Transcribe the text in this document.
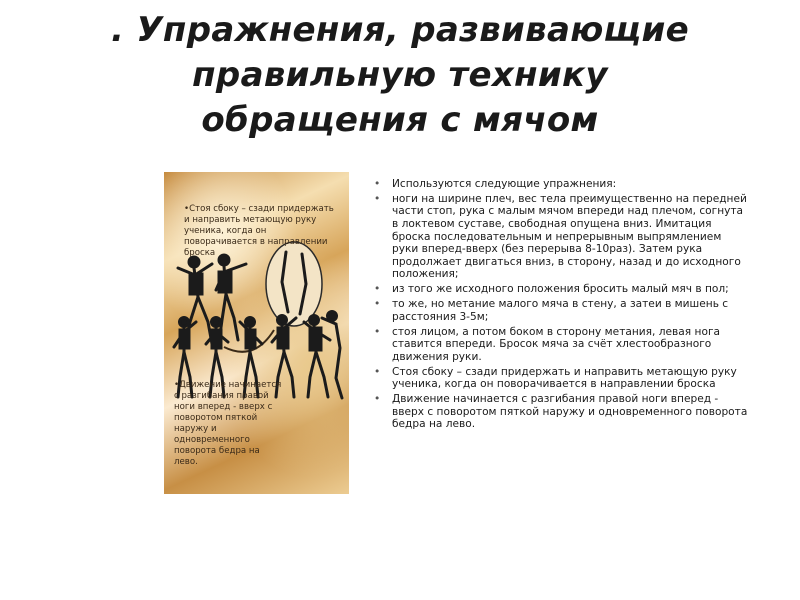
. Упражнения, развивающие
правильную технику
обращения с мячом
•Стоя сбоку – сзади придержать и направить метающую руку ученика, когда он поворачивается в направлении броска
•Движение начинается с разгибания правой ноги вперед - вверх с поворотом пяткой наружу и одновременного поворота бедра на лево.
• Используются следующие упражнения:
• ноги на ширине плеч, вес тела преимущественно на передней части стоп, рука с малым мячом впереди над плечом, согнута в локтевом суставе, свободная опущена вниз. Имитация броска последовательным и непрерывным выпрямлением руки вперед-вверх (без перерыва 8-10раз). Затем рука продолжает двигаться вниз, в сторону, назад и до исходного положения;
• из того же исходного положения бросить малый мяч в пол;
• то же, но метание малого мяча в стену, а затеи в мишень с расстояния 3-5м;
• стоя лицом, а потом боком в сторону метания, левая нога ставится впереди. Бросок мяча за счёт хлестообразного движения руки.
• Стоя сбоку – сзади придержать и направить метающую руку ученика, когда он поворачивается в направлении броска
• Движение начинается с разгибания правой ноги вперед - вверх с поворотом пяткой наружу и одновременного поворота бедра на лево.
